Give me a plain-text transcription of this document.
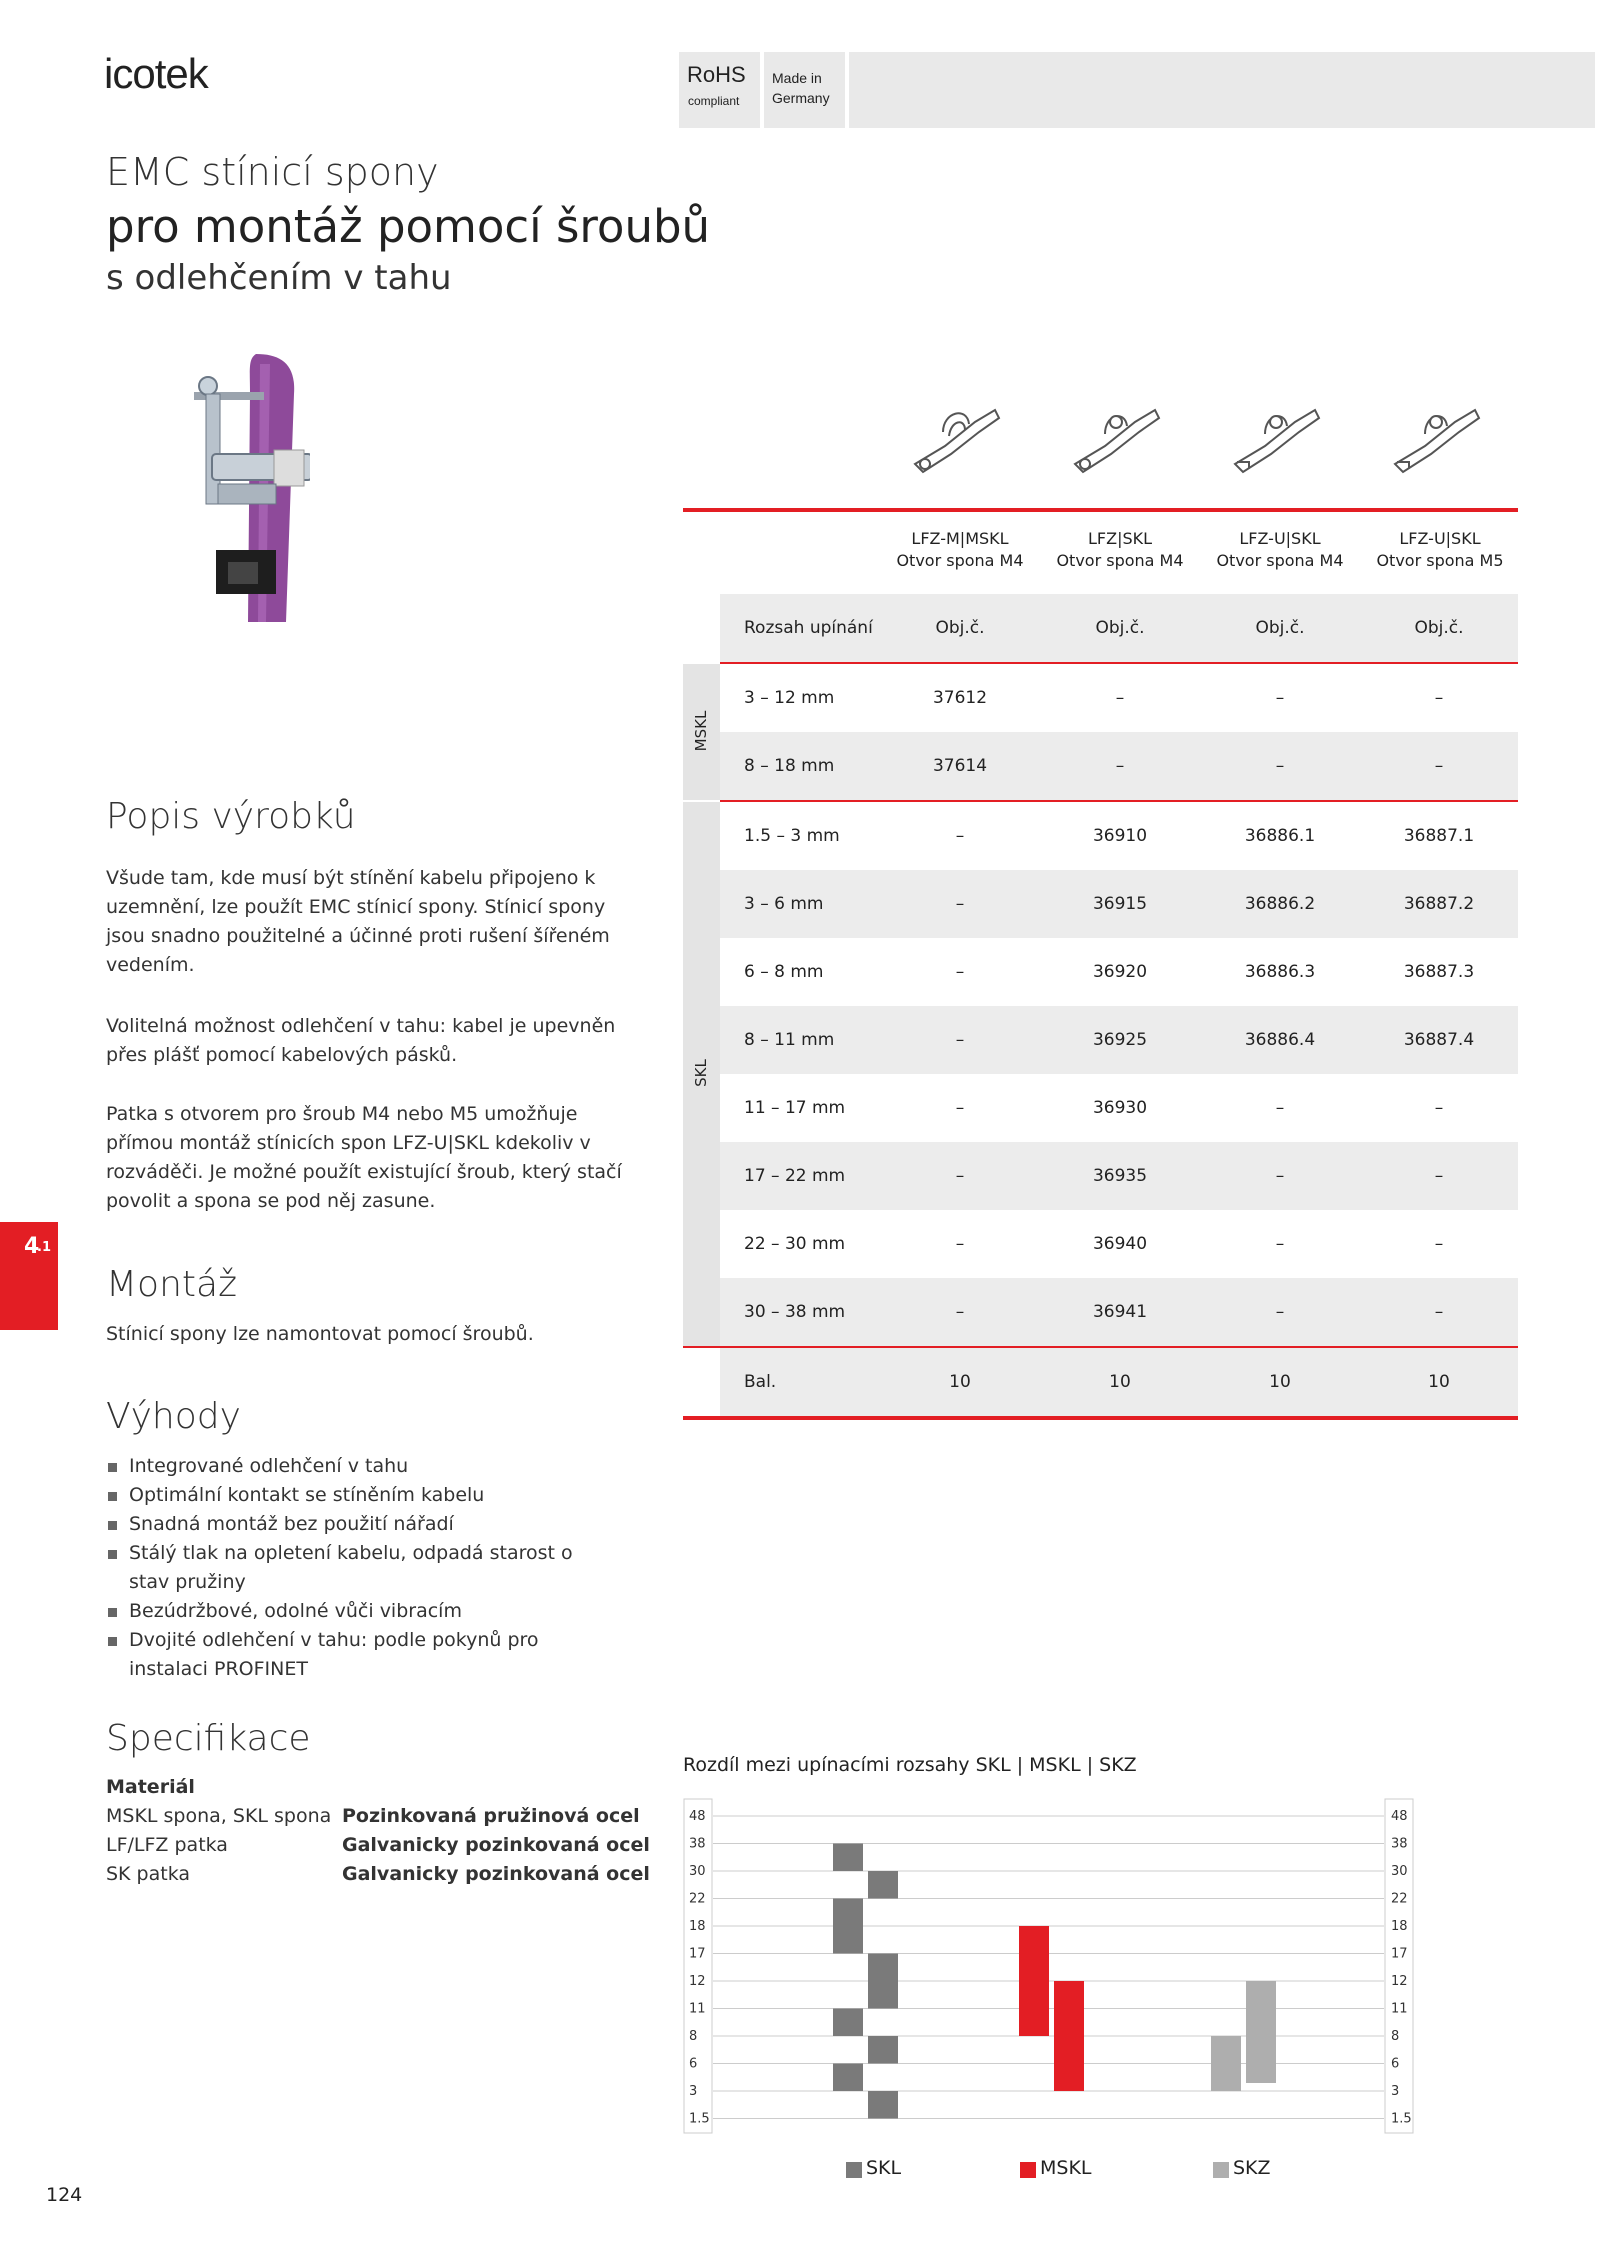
icotek	RoHS
compliant
Made in
Germany
EMC stínicí spony
pro montáž pomocí šroubů
s odlehčením v tahu
Popis výrobků
Všude tam, kde musí být stínění kabelu připojeno k uzemnění, lze použít EMC stínicí spony. Stínicí spony jsou snadno použitelné a účinné proti rušení šířeném vedením.
Volitelná možnost odlehčení v tahu: kabel je upevněn přes plášť pomocí kabelových pásků.
Patka s otvorem pro šroub M4 nebo M5 umožňuje přímou montáž stínicích spon LFZ-U|SKL kdekoliv v rozváděči. Je možné použít existující šroub, který stačí povolit a spona se pod něj zasune.
4
.1
Montáž
Stínicí spony lze namontovat pomocí šroubů.
Výhody
Integrované odlehčení v tahu
Optimální kontakt se stíněním kabelu
Snadná montáž bez použití nářadí
Stálý tlak na opletení kabelu, odpadá starost o stav pružiny
Bezúdržbové, odolné vůči vibracím
Dvojité odlehčení v tahu: podle pokynů pro instalaci PROFINET
Specifikace
Materiál
MSKL spona, SKL spona Pozinkovaná pružinová ocel
LF/LFZ patka	Galvanicky pozinkovaná ocel
SK patka	Galvanicky pozinkovaná ocel
124
LFZ-M|MSKL
Otvor spona M4
LFZ|SKL
Otvor spona M4
LFZ-U|SKL
Otvor spona M4
LFZ-U|SKL
Otvor spona M5
Rozsah upínání	Obj.č.	Obj.č.	Obj.č.	Obj.č.
MSKL
SKL
3 – 12 mm	37612	–	–	–
8 – 18 mm	37614	–	–	–
1.5 – 3 mm	–	36910	36886.1	36887.1
3 – 6 mm	–	36915	36886.2	36887.2
6 – 8 mm	–	36920	36886.3	36887.3
8 – 11 mm	–	36925	36886.4	36887.4
11 – 17 mm	–	36930	–	–
17 – 22 mm	–	36935	–	–
22 – 30 mm	–	36940	–	–
30 – 38 mm	–	36941	–	–
Bal.	10	10	10	10
Rozdíl mezi upínacími rozsahy SKL | MSKL | SKZ
1.5	1.5
3	3
6	6
8	8
11	11
12	12
17	17
18	18
22	22
30	30
38	38
48	48
SKL	MSKL	SKZ
